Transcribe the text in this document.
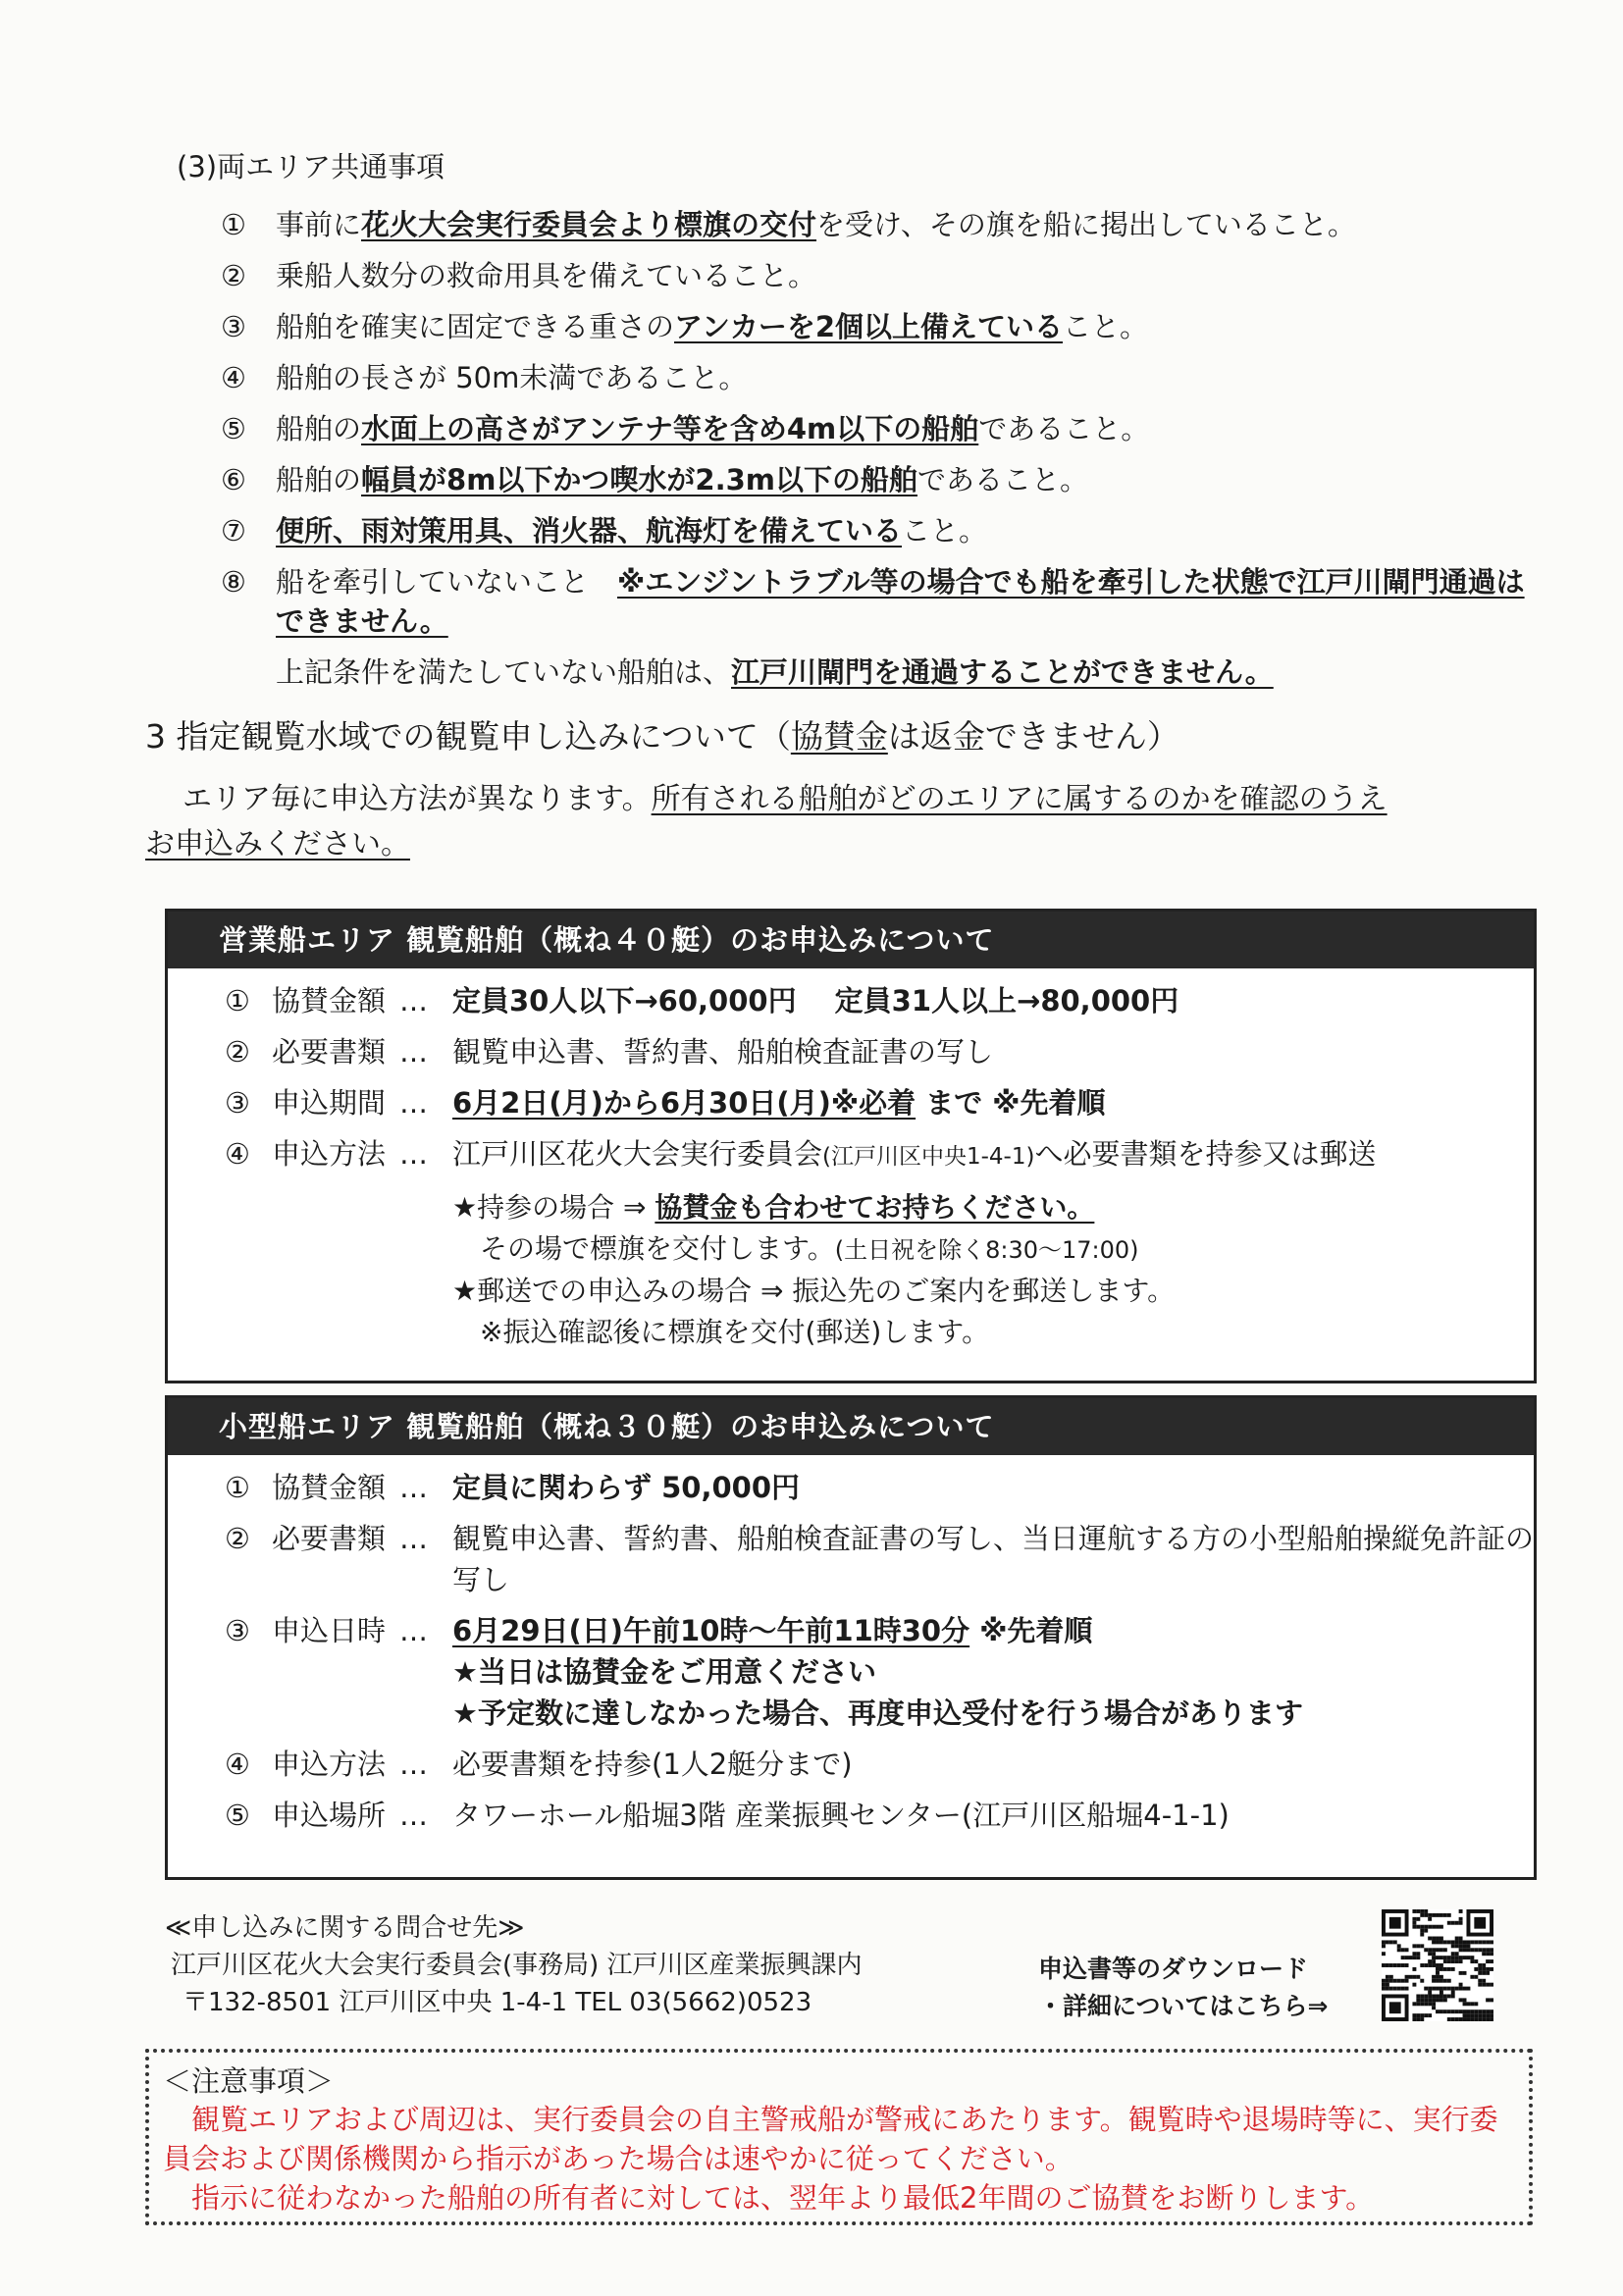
(3)両エリア共通事項
①	事前に花火大会実行委員会より標旗の交付を受け、その旗を船に掲出していること。
②	乗船人数分の救命用具を備えていること。
③	船舶を確実に固定できる重さのアンカーを2個以上備えていること。
④	船舶の長さが 50m未満であること。
⑤	船舶の水面上の高さがアンテナ等を含め4m以下の船舶であること。
⑥	船舶の幅員が8m以下かつ喫水が2.3m以下の船舶であること。
⑦	便所、雨対策用具、消火器、航海灯を備えていること。
⑧	船を牽引していないこと　※エンジントラブル等の場合でも船を牽引した状態で江戸川閘門通過はできません。
上記条件を満たしていない船舶は、江戸川閘門を通過することができません。
3 指定観覧水域での観覧申し込みについて（協賛金は返金できません）
エリア毎に申込方法が異なります。所有される船舶がどのエリアに属するのかを確認のうえ
お申込みください。
営業船エリア 観覧船舶（概ね４０艇）のお申込みについて
① 協賛金額 … 定員30人以下→60,000円　 定員31人以上→80,000円
② 必要書類 … 観覧申込書、誓約書、船舶検査証書の写し
③ 申込期間 … 6月2日(月)から6月30日(月)※必着 まで ※先着順
④ 申込方法 … 江戸川区花火大会実行委員会(江戸川区中央1-4-1)へ必要書類を持参又は郵送
★持参の場合 ⇒ 協賛金も合わせてお持ちください。
　その場で標旗を交付します。(土日祝を除く8:30～17:00)
★郵送での申込みの場合 ⇒ 振込先のご案内を郵送します。
　※振込確認後に標旗を交付(郵送)します。
小型船エリア 観覧船舶（概ね３０艇）のお申込みについて
① 協賛金額 … 定員に関わらず 50,000円
② 必要書類 … 観覧申込書、誓約書、船舶検査証書の写し、当日運航する方の小型船舶操縦免許証の写し
③ 申込日時 … 6月29日(日)午前10時～午前11時30分 ※先着順
★当日は協賛金をご用意ください
★予定数に達しなかった場合、再度申込受付を行う場合があります
④ 申込方法 … 必要書類を持参(1人2艇分まで)
⑤ 申込場所 … タワーホール船堀3階 産業振興センター(江戸川区船堀4-1-1)
≪申し込みに関する問合せ先≫
江戸川区花火大会実行委員会(事務局) 江戸川区産業振興課内
〒132-8501 江戸川区中央 1-4-1 TEL 03(5662)0523
申込書等のダウンロード
・詳細についてはこちら⇒
＜注意事項＞
　観覧エリアおよび周辺は、実行委員会の自主警戒船が警戒にあたります。観覧時や退場時等に、実行委員会および関係機関から指示があった場合は速やかに従ってください。
　指示に従わなかった船舶の所有者に対しては、翌年より最低2年間のご協賛をお断りします。
